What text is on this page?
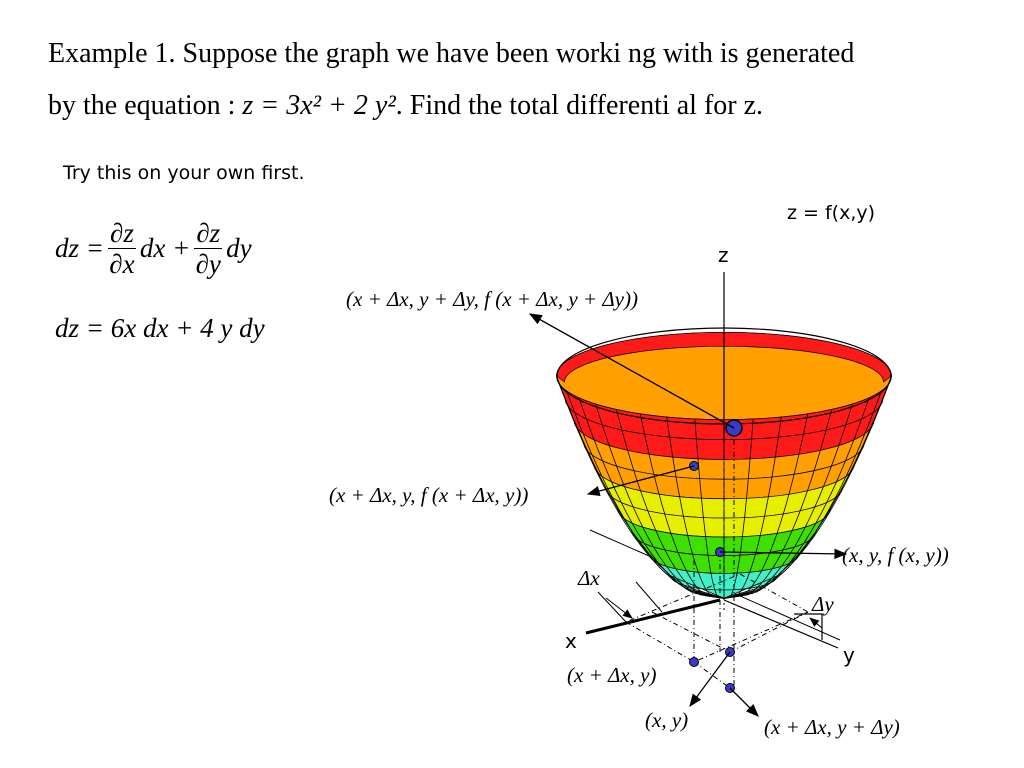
Example 1. Suppose the graph we have been worki ng with is generated
by the equation : z = 3x² + 2 y². Find the total differenti al for z.
Try this on your own first.
z = f(x,y)
dz = $\frac{\partial z}{\partial x}$ dx + $\frac{\partial z}{\partial y}$ dy
dz = 6x dx + 4 y dy
z
x
y
Δx
Δy
(x + Δx, y + Δy, f (x + Δx, y + Δy))
(x + Δx, y, f (x + Δx, y))
(x, y, f (x, y))
(x + Δx, y)
(x, y)	(x + Δx, y + Δy)
